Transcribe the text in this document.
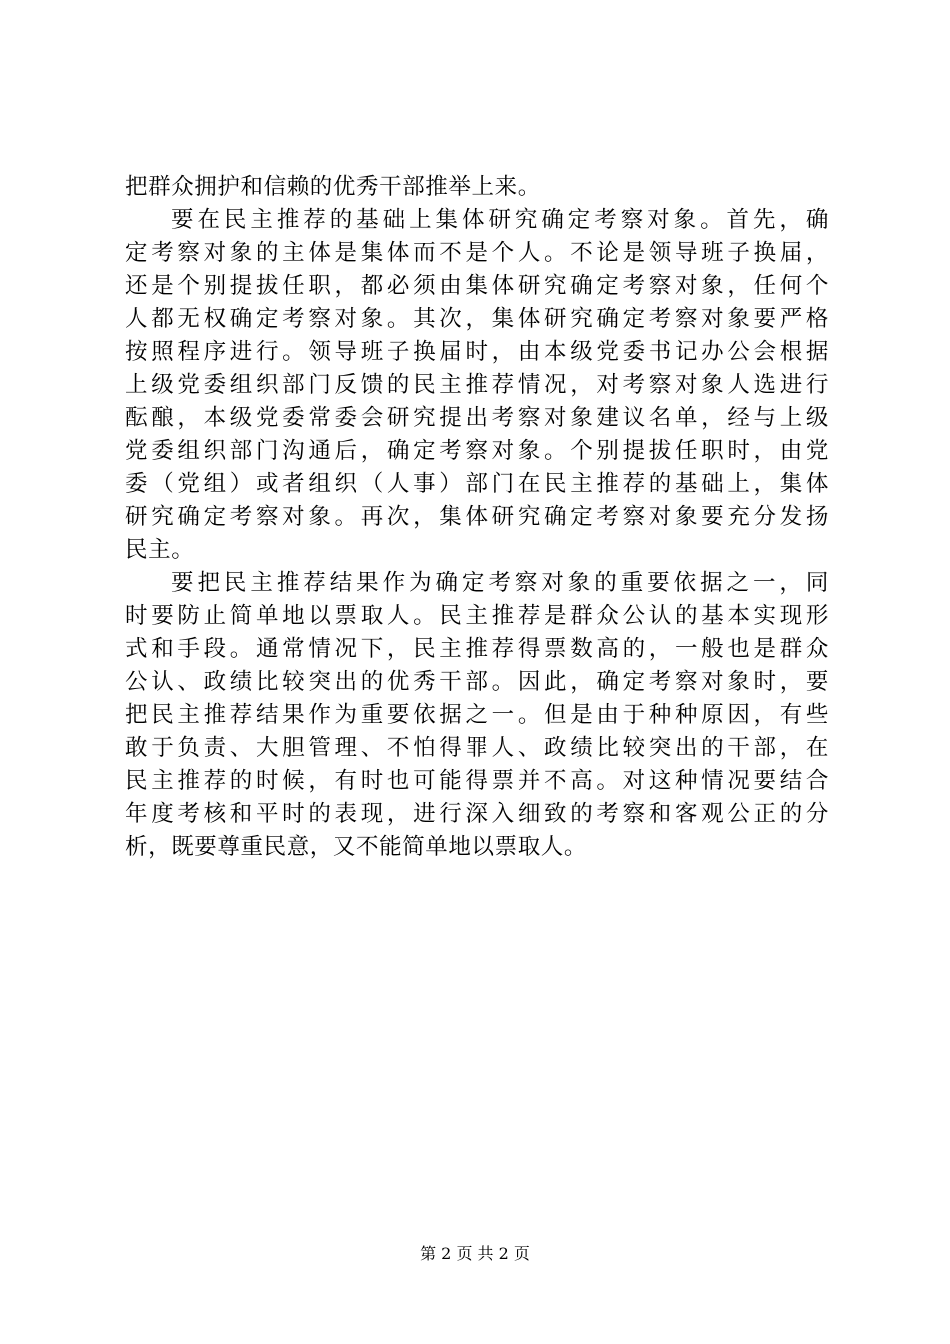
把群众拥护和信赖的优秀干部推举上来。
要在民主推荐的基础上集体研究确定考察对象。首先，确
定考察对象的主体是集体而不是个人。不论是领导班子换届，
还是个别提拔任职，都必须由集体研究确定考察对象，任何个
人都无权确定考察对象。其次，集体研究确定考察对象要严格
按照程序进行。领导班子换届时，由本级党委书记办公会根据
上级党委组织部门反馈的民主推荐情况，对考察对象人选进行
酝酿，本级党委常委会研究提出考察对象建议名单，经与上级
党委组织部门沟通后，确定考察对象。个别提拔任职时，由党
委（党组）或者组织（人事）部门在民主推荐的基础上，集体
研究确定考察对象。再次，集体研究确定考察对象要充分发扬
民主。
要把民主推荐结果作为确定考察对象的重要依据之一，同
时要防止简单地以票取人。民主推荐是群众公认的基本实现形
式和手段。通常情况下，民主推荐得票数高的，一般也是群众
公认、政绩比较突出的优秀干部。因此，确定考察对象时，要
把民主推荐结果作为重要依据之一。但是由于种种原因，有些
敢于负责、大胆管理、不怕得罪人、政绩比较突出的干部，在
民主推荐的时候，有时也可能得票并不高。对这种情况要结合
年度考核和平时的表现，进行深入细致的考察和客观公正的分
析，既要尊重民意，又不能简单地以票取人。
第 2 页 共 2 页
